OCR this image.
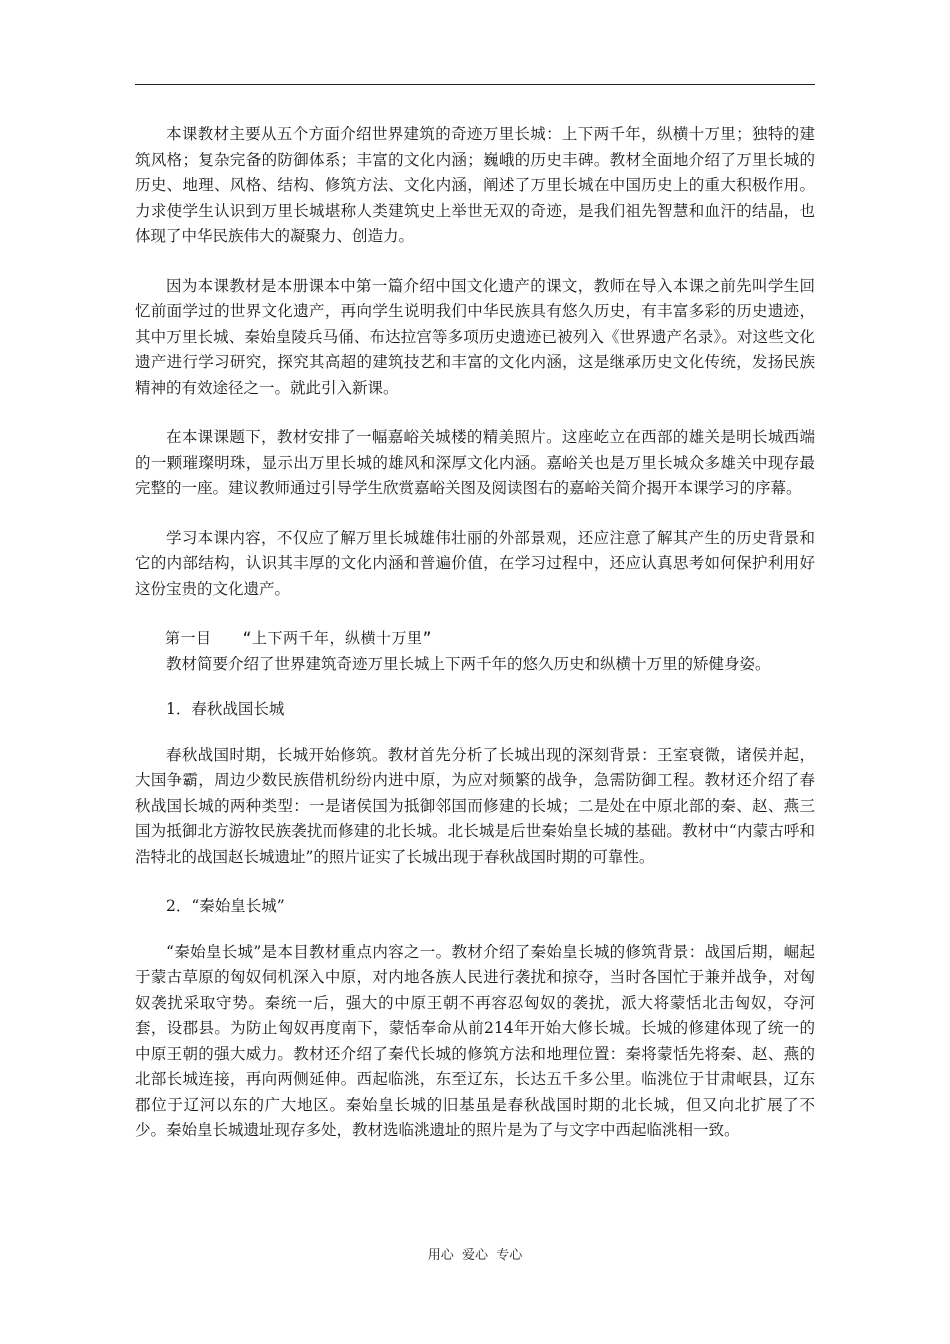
本课教材主要从五个方面介绍世界建筑的奇迹万里长城：上下两千年，纵横十万里；独特的建筑风格；复杂完备的防御体系；丰富的文化内涵；巍峨的历史丰碑。教材全面地介绍了万里长城的历史、地理、风格、结构、修筑方法、文化内涵，阐述了万里长城在中国历史上的重大积极作用。力求使学生认识到万里长城堪称人类建筑史上举世无双的奇迹，是我们祖先智慧和血汗的结晶，也体现了中华民族伟大的凝聚力、创造力。

因为本课教材是本册课本中第一篇介绍中国文化遗产的课文，教师在导入本课之前先叫学生回忆前面学过的世界文化遗产，再向学生说明我们中华民族具有悠久历史，有丰富多彩的历史遗迹，其中万里长城、秦始皇陵兵马俑、布达拉宫等多项历史遗迹已被列入《世界遗产名录》。对这些文化遗产进行学习研究，探究其高超的建筑技艺和丰富的文化内涵，这是继承历史文化传统，发扬民族精神的有效途径之一。就此引入新课。

在本课课题下，教材安排了一幅嘉峪关城楼的精美照片。这座屹立在西部的雄关是明长城西端的一颗璀璨明珠，显示出万里长城的雄风和深厚文化内涵。嘉峪关也是万里长城众多雄关中现存最完整的一座。建议教师通过引导学生欣赏嘉峪关图及阅读图右的嘉峪关简介揭开本课学习的序幕。

学习本课内容，不仅应了解万里长城雄伟壮丽的外部景观，还应注意了解其产生的历史背景和它的内部结构，认识其丰厚的文化内涵和普遍价值，在学习过程中，还应认真思考如何保护利用好这份宝贵的文化遗产。

第一目　　“上下两千年，纵横十万里”

教材简要介绍了世界建筑奇迹万里长城上下两千年的悠久历史和纵横十万里的矫健身姿。

1．春秋战国长城

春秋战国时期，长城开始修筑。教材首先分析了长城出现的深刻背景：王室衰微，诸侯并起，大国争霸，周边少数民族借机纷纷内进中原，为应对频繁的战争，急需防御工程。教材还介绍了春秋战国长城的两种类型：一是诸侯国为抵御邻国而修建的长城；二是处在中原北部的秦、赵、燕三国为抵御北方游牧民族袭扰而修建的北长城。北长城是后世秦始皇长城的基础。教材中“内蒙古呼和浩特北的战国赵长城遗址”的照片证实了长城出现于春秋战国时期的可靠性。

2．“秦始皇长城”

“秦始皇长城”是本目教材重点内容之一。教材介绍了秦始皇长城的修筑背景：战国后期，崛起于蒙古草原的匈奴伺机深入中原，对内地各族人民进行袭扰和掠夺，当时各国忙于兼并战争，对匈奴袭扰采取守势。秦统一后，强大的中原王朝不再容忍匈奴的袭扰，派大将蒙恬北击匈奴，夺河套，设郡县。为防止匈奴再度南下，蒙恬奉命从前214年开始大修长城。长城的修建体现了统一的中原王朝的强大威力。教材还介绍了秦代长城的修筑方法和地理位置：秦将蒙恬先将秦、赵、燕的北部长城连接，再向两侧延伸。西起临洮，东至辽东，长达五千多公里。临洮位于甘肃岷县，辽东郡位于辽河以东的广大地区。秦始皇长城的旧基虽是春秋战国时期的北长城，但又向北扩展了不少。秦始皇长城遗址现存多处，教材选临洮遗址的照片是为了与文字中西起临洮相一致。

用心  爱心  专心
